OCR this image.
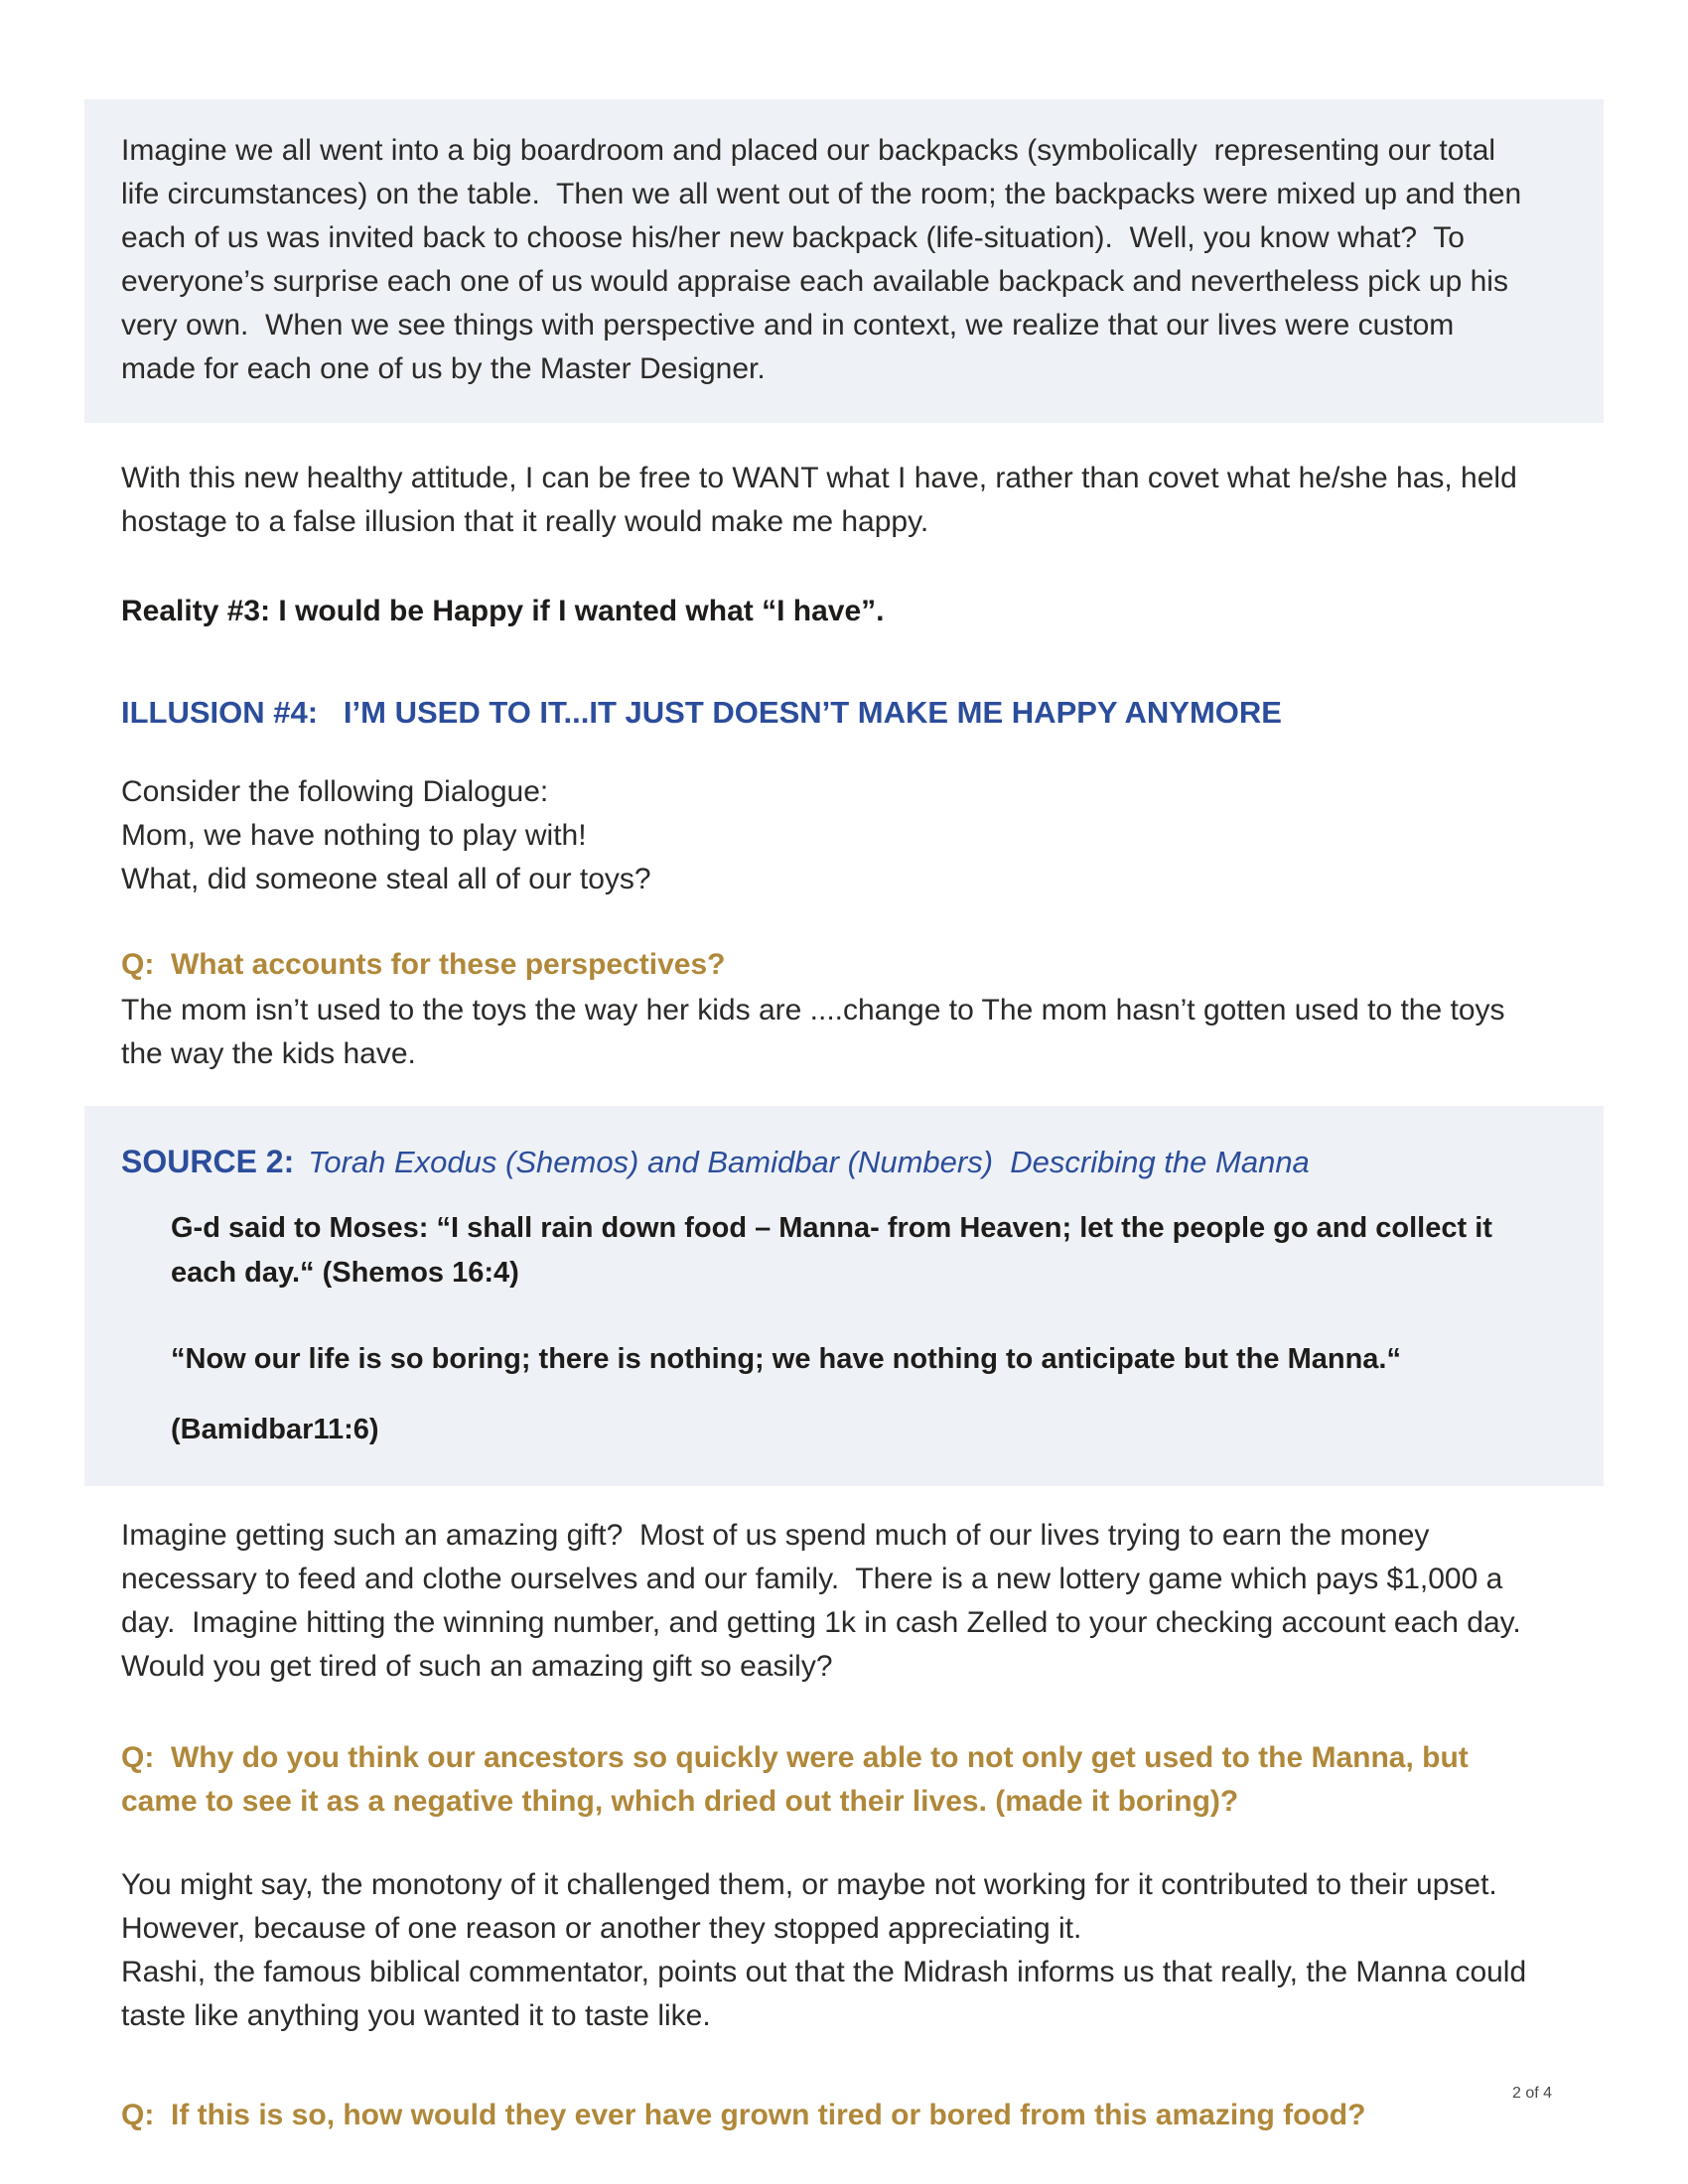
Imagine we all went into a big boardroom and placed our backpacks (symbolically  representing our total life circumstances) on the table.  Then we all went out of the room; the backpacks were mixed up and then each of us was invited back to choose his/her new backpack (life-situation).  Well, you know what?  To everyone’s surprise each one of us would appraise each available backpack and nevertheless pick up his very own.  When we see things with perspective and in context, we realize that our lives were custom made for each one of us by the Master Designer.

With this new healthy attitude, I can be free to WANT what I have, rather than covet what he/she has, held hostage to a false illusion that it really would make me happy.

Reality #3: I would be Happy if I wanted what “I have”.

ILLUSION #4:   I’M USED TO IT...IT JUST DOESN’T MAKE ME HAPPY ANYMORE

Consider the following Dialogue:

Mom, we have nothing to play with!

What, did someone steal all of our toys?

Q:  What accounts for these perspectives?

The mom isn’t used to the toys the way her kids are ....change to The mom hasn’t gotten used to the toys the way the kids have.

SOURCE 2: Torah Exodus (Shemos) and Bamidbar (Numbers)  Describing the Manna

G-d said to Moses: “I shall rain down food – Manna- from Heaven; let the people go and collect it each day.“ (Shemos 16:4)

“Now our life is so boring; there is nothing; we have nothing to anticipate but the Manna.“

(Bamidbar11:6)

Imagine getting such an amazing gift?  Most of us spend much of our lives trying to earn the money necessary to feed and clothe ourselves and our family.  There is a new lottery game which pays $1,000 a day.  Imagine hitting the winning number, and getting 1k in cash Zelled to your checking account each day.  Would you get tired of such an amazing gift so easily?

Q:  Why do you think our ancestors so quickly were able to not only get used to the Manna, but came to see it as a negative thing, which dried out their lives. (made it boring)?

You might say, the monotony of it challenged them, or maybe not working for it contributed to their upset.  However, because of one reason or another they stopped appreciating it.
Rashi, the famous biblical commentator, points out that the Midrash informs us that really, the Manna could taste like anything you wanted it to taste like.

Q:  If this is so, how would they ever have grown tired or bored from this amazing food?

2 of 4
